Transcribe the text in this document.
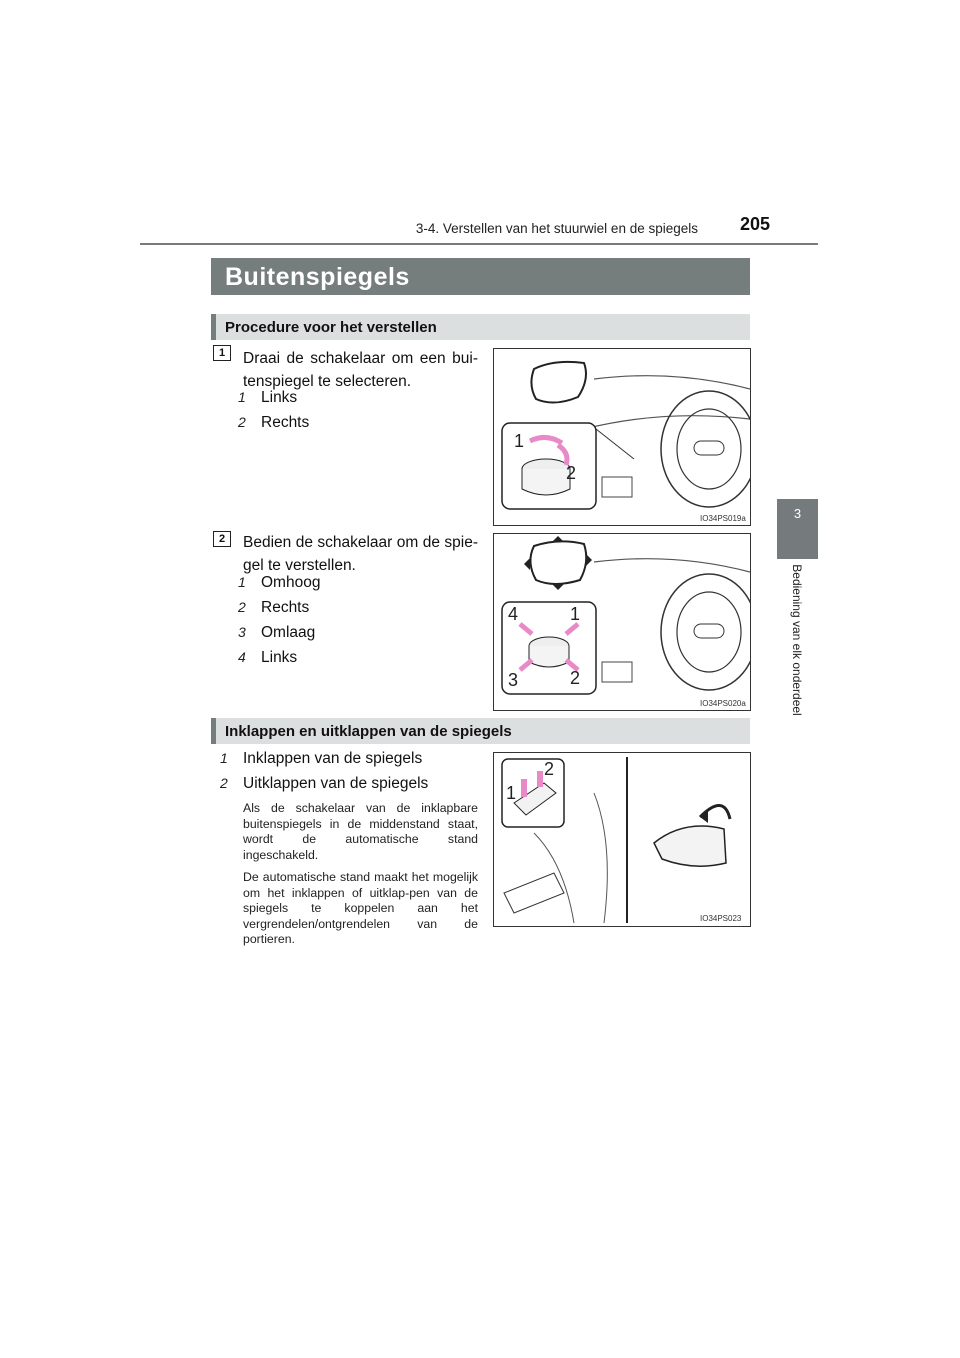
3-4. Verstellen van het stuurwiel en de spiegels 205
3
Bediening van elk onderdeel
Buitenspiegels
Procedure voor het verstellen
1	Draai de schakelaar om een bui-tenspiegel te selecteren.
1 Links
2 Rechts
1
2
IO34PS019a
2	Bedien de schakelaar om de spie-gel te verstellen.
1 Omhoog
2 Rechts
3 Omlaag
4 Links
4	1
3	2
IO34PS020a
Inklappen en uitklappen van de spiegels
1 Inklappen van de spiegels
2 Uitklappen van de spiegels
Als de schakelaar van de inklapbare buitenspiegels in de middenstand staat, wordt de automatische stand ingeschakeld.
De automatische stand maakt het mogelijk om het inklappen of uitklap-pen van de spiegels te koppelen aan het vergrendelen/ontgrendelen van de portieren.
1
2
IO34PS023
